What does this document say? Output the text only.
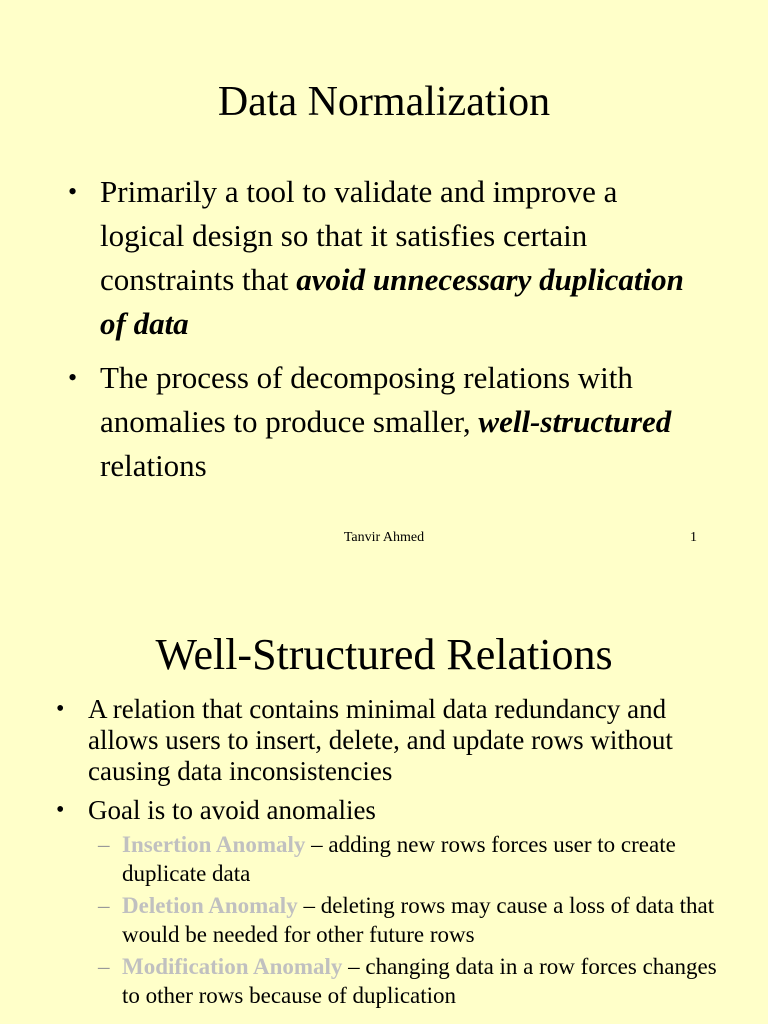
Data Normalization
• Primarily a tool to validate and improve a logical design so that it satisfies certain constraints that avoid unnecessary duplication of data
• The process of decomposing relations with anomalies to produce smaller, well-structured relations
Tanvir Ahmed	1
Well-Structured Relations
• A relation that contains minimal data redundancy and allows users to insert, delete, and update rows without causing data inconsistencies
• Goal is to avoid anomalies
– Insertion Anomaly – adding new rows forces user to create duplicate data
– Deletion Anomaly – deleting rows may cause a loss of data that would be needed for other future rows
– Modification Anomaly – changing data in a row forces changes to other rows because of duplication
